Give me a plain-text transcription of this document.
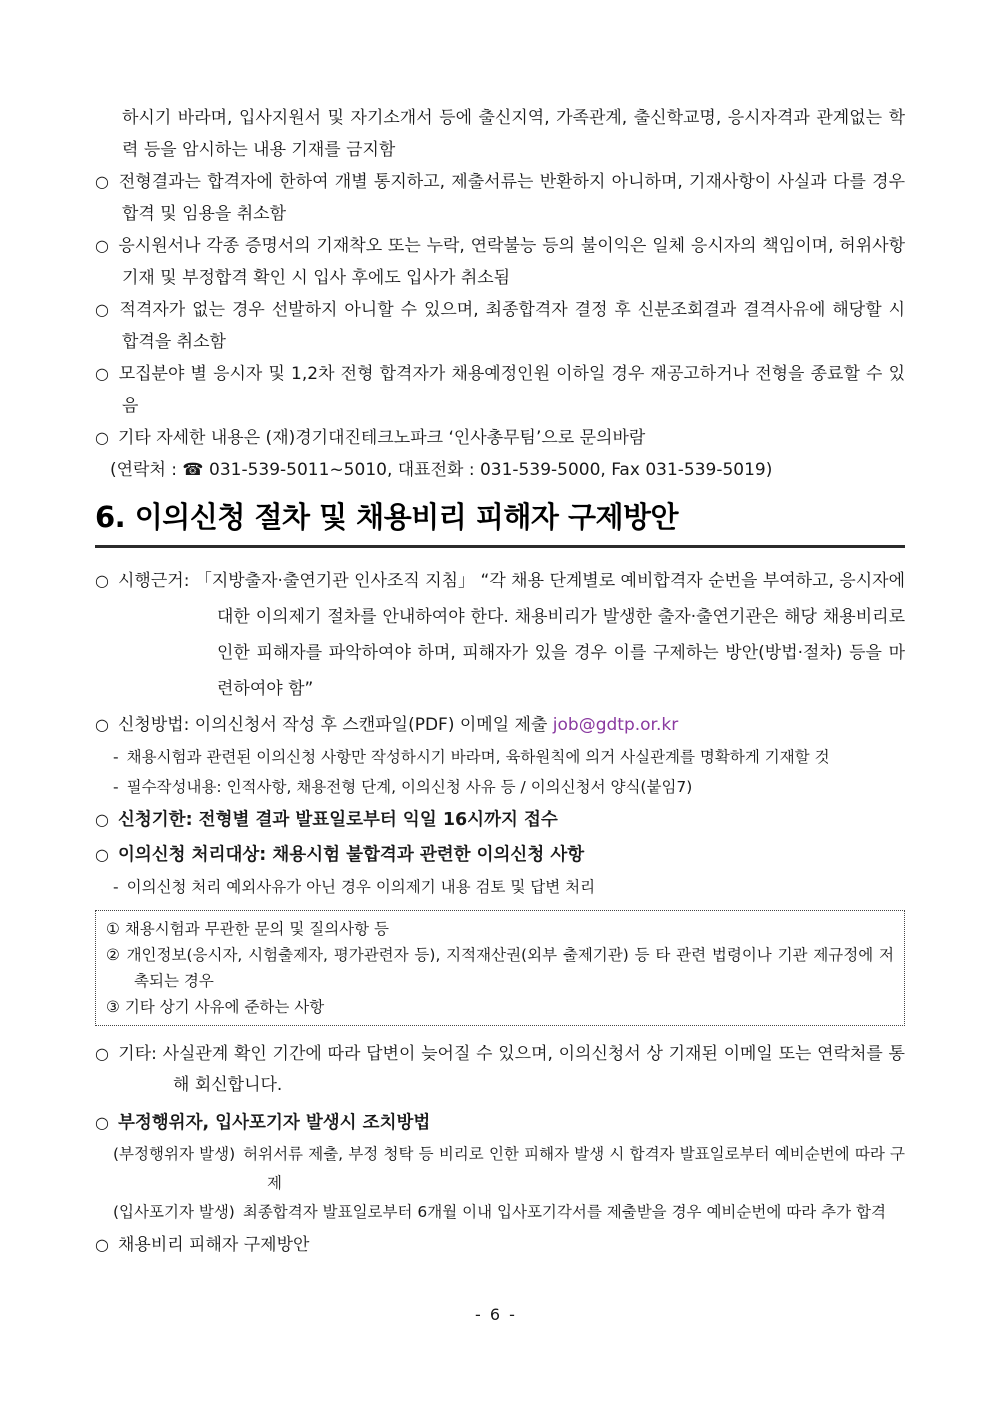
하시기 바라며, 입사지원서 및 자기소개서 등에 출신지역, 가족관계, 출신학교명, 응시자격과 관계없는 학력 등을 암시하는 내용 기재를 금지함

○ 전형결과는 합격자에 한하여 개별 통지하고, 제출서류는 반환하지 아니하며, 기재사항이 사실과 다를 경우 합격 및 임용을 취소함

○ 응시원서나 각종 증명서의 기재착오 또는 누락, 연락불능 등의 불이익은 일체 응시자의 책임이며, 허위사항 기재 및 부정합격 확인 시 입사 후에도 입사가 취소됨

○ 적격자가 없는 경우 선발하지 아니할 수 있으며, 최종합격자 결정 후 신분조회결과 결격사유에 해당할 시 합격을 취소함

○ 모집분야 별 응시자 및 1,2차 전형 합격자가 채용예정인원 이하일 경우 재공고하거나 전형을 종료할 수 있음

○ 기타 자세한 내용은 (재)경기대진테크노파크 ‘인사총무팀’으로 문의바람

(연락처 : ☎ 031-539-5011~5010, 대표전화 : 031-539-5000, Fax 031-539-5019)

6. 이의신청 절차 및 채용비리 피해자 구제방안

○ 시행근거: 「지방출자·출연기관 인사조직 지침」 “각 채용 단계별로 예비합격자 순번을 부여하고, 응시자에 대한 이의제기 절차를 안내하여야 한다. 채용비리가 발생한 출자·출연기관은 해당 채용비리로 인한 피해자를 파악하여야 하며, 피해자가 있을 경우 이를 구제하는 방안(방법·절차) 등을 마련하여야 함”

○ 신청방법: 이의신청서 작성 후 스캔파일(PDF) 이메일 제출 job@gdtp.or.kr

- 채용시험과 관련된 이의신청 사항만 작성하시기 바라며, 육하원칙에 의거 사실관계를 명확하게 기재할 것

- 필수작성내용: 인적사항, 채용전형 단계, 이의신청 사유 등 / 이의신청서 양식(붙임7)

○ 신청기한: 전형별 결과 발표일로부터 익일 16시까지 접수

○ 이의신청 처리대상: 채용시험 불합격과 관련한 이의신청 사항

- 이의신청 처리 예외사유가 아닌 경우 이의제기 내용 검토 및 답변 처리

① 채용시험과 무관한 문의 및 질의사항 등

② 개인정보(응시자, 시험출제자, 평가관련자 등), 지적재산권(외부 출제기관) 등 타 관련 법령이나 기관 제규정에 저촉되는 경우

③ 기타 상기 사유에 준하는 사항

○ 기타: 사실관계 확인 기간에 따라 답변이 늦어질 수 있으며, 이의신청서 상 기재된 이메일 또는 연락처를 통해 회신합니다.

○ 부정행위자, 입사포기자 발생시 조치방법

(부정행위자 발생) 허위서류 제출, 부정 청탁 등 비리로 인한 피해자 발생 시 합격자 발표일로부터 예비순번에 따라 구제

(입사포기자 발생) 최종합격자 발표일로부터 6개월 이내 입사포기각서를 제출받을 경우 예비순번에 따라 추가 합격

○ 채용비리 피해자 구제방안

- 6 -
